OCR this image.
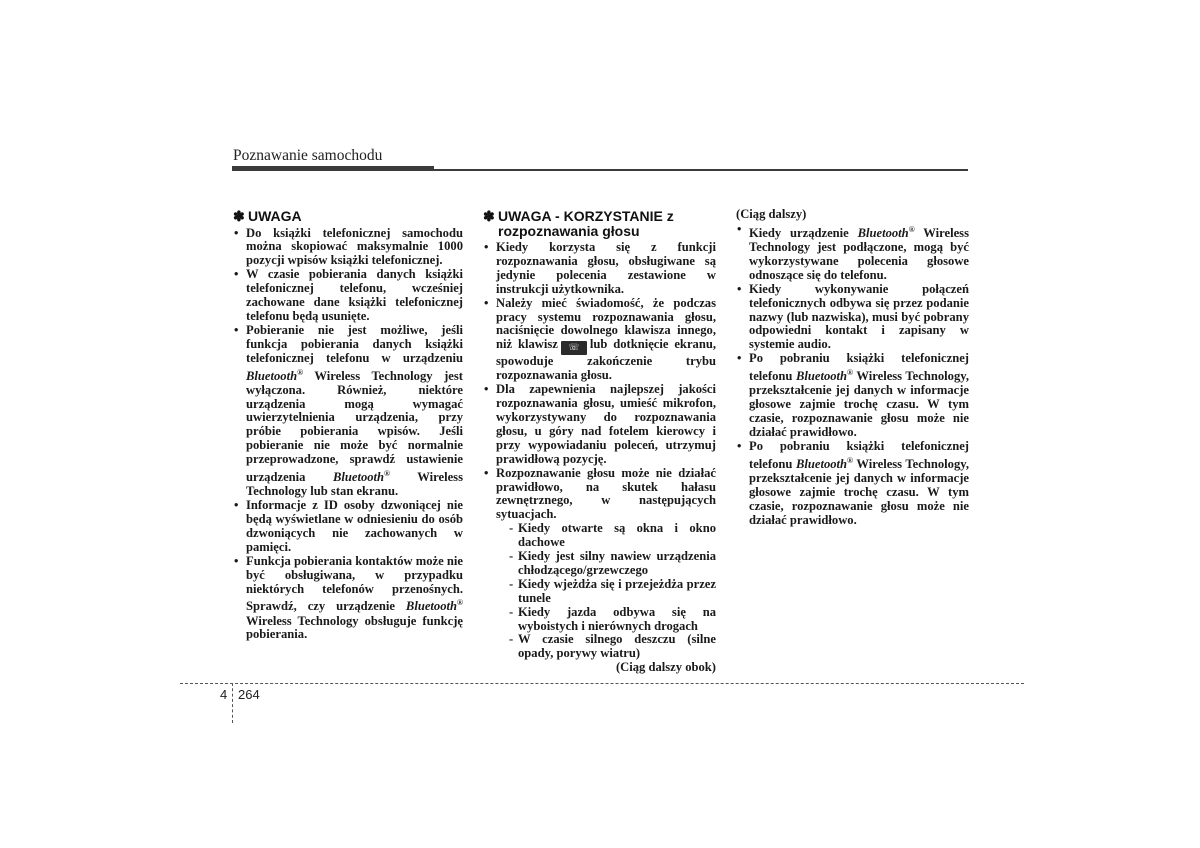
Poznawanie samochodu
✽ UWAGA
• Do książki telefonicznej samochodu można skopiować maksymalnie 1000 pozycji wpisów książki telefonicznej.
• W czasie pobierania danych książki telefonicznej telefonu, wcześniej zachowane dane książki telefonicznej telefonu będą usunięte.
• Pobieranie nie jest możliwe, jeśli funkcja pobierania danych książki telefonicznej telefonu w urządzeniu Bluetooth® Wireless Technology jest wyłączona. Również, niektóre urządzenia mogą wymagać uwierzytelnienia urządzenia, przy próbie pobierania wpisów. Jeśli pobieranie nie może być normalnie przeprowadzone, sprawdź ustawienie urządzenia Bluetooth® Wireless Technology lub stan ekranu.
• Informacje z ID osoby dzwoniącej nie będą wyświetlane w odniesieniu do osób dzwoniących nie zachowanych w pamięci.
• Funkcja pobierania kontaktów może nie być obsługiwana, w przypadku niektórych telefonów przenośnych. Sprawdź, czy urządzenie Bluetooth® Wireless Technology obsługuje funkcję pobierania.
✽ UWAGA - KORZYSTANIE z rozpoznawania głosu
• Kiedy korzysta się z funkcji rozpoznawania głosu, obsługiwane są jedynie polecenia zestawione w instrukcji użytkownika.
• Należy mieć świadomość, że podczas pracy systemu rozpoznawania głosu, naciśnięcie dowolnego klawisza innego, niż klawisz ☏ lub dotknięcie ekranu, spowoduje zakończenie trybu rozpoznawania głosu.
• Dla zapewnienia najlepszej jakości rozpoznawania głosu, umieść mikrofon, wykorzystywany do rozpoznawania głosu, u góry nad fotelem kierowcy i przy wypowiadaniu poleceń, utrzymuj prawidłową pozycję.
• Rozpoznawanie głosu może nie działać prawidłowo, na skutek hałasu zewnętrznego, w następujących sytuacjach.
- Kiedy otwarte są okna i okno dachowe
- Kiedy jest silny nawiew urządzenia chłodzącego/grzewczego
- Kiedy wjeżdża się i przejeżdża przez tunele
- Kiedy jazda odbywa się na wyboistych i nierównych drogach
- W czasie silnego deszczu (silne opady, porywy wiatru)
(Ciąg dalszy obok)
(Ciąg dalszy)
• Kiedy urządzenie Bluetooth® Wireless Technology jest podłączone, mogą być wykorzystywane polecenia głosowe odnoszące się do telefonu.
• Kiedy wykonywanie połączeń telefonicznych odbywa się przez podanie nazwy (lub nazwiska), musi być pobrany odpowiedni kontakt i zapisany w systemie audio.
• Po pobraniu książki telefonicznej telefonu Bluetooth® Wireless Technology, przekształcenie jej danych w informacje głosowe zajmie trochę czasu. W tym czasie, rozpoznawanie głosu może nie działać prawidłowo.
• Po pobraniu książki telefonicznej telefonu Bluetooth® Wireless Technology, przekształcenie jej danych w informacje głosowe zajmie trochę czasu. W tym czasie, rozpoznawanie głosu może nie działać prawidłowo.
4 264
